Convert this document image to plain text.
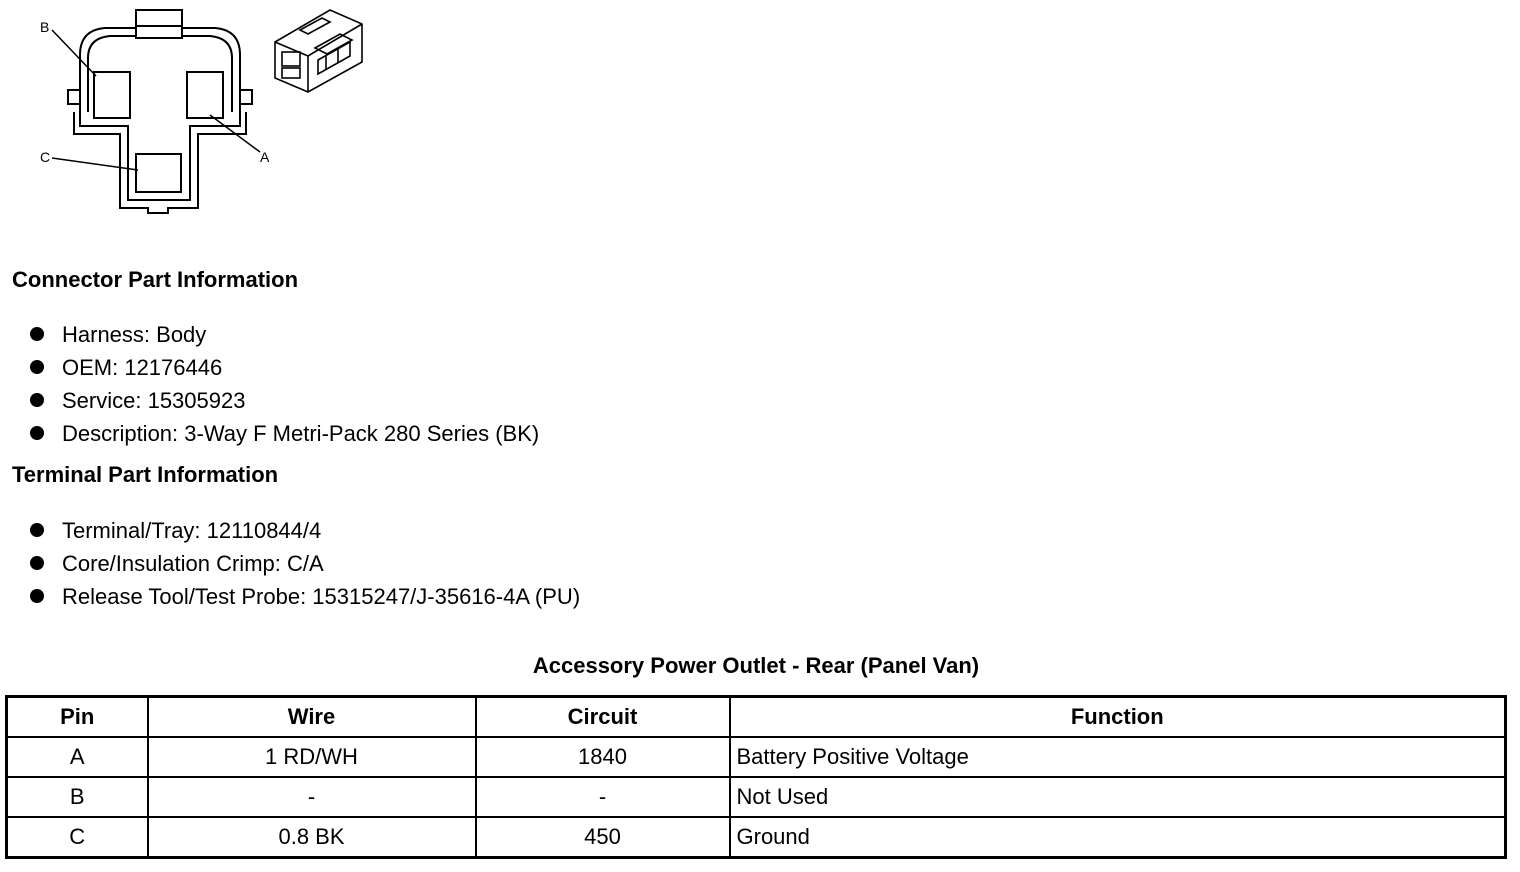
B
A
C
Connector Part Information
Harness: Body
OEM: 12176446
Service: 15305923
Description: 3-Way F Metri-Pack 280 Series (BK)
Terminal Part Information
Terminal/Tray: 12110844/4
Core/Insulation Crimp: C/A
Release Tool/Test Probe: 15315247/J-35616-4A (PU)
Accessory Power Outlet - Rear (Panel Van)
Pin	Wire	Circuit	Function
A	1 RD/WH	1840	Battery Positive Voltage
B	-	-	Not Used
C	0.8 BK	450	Ground
